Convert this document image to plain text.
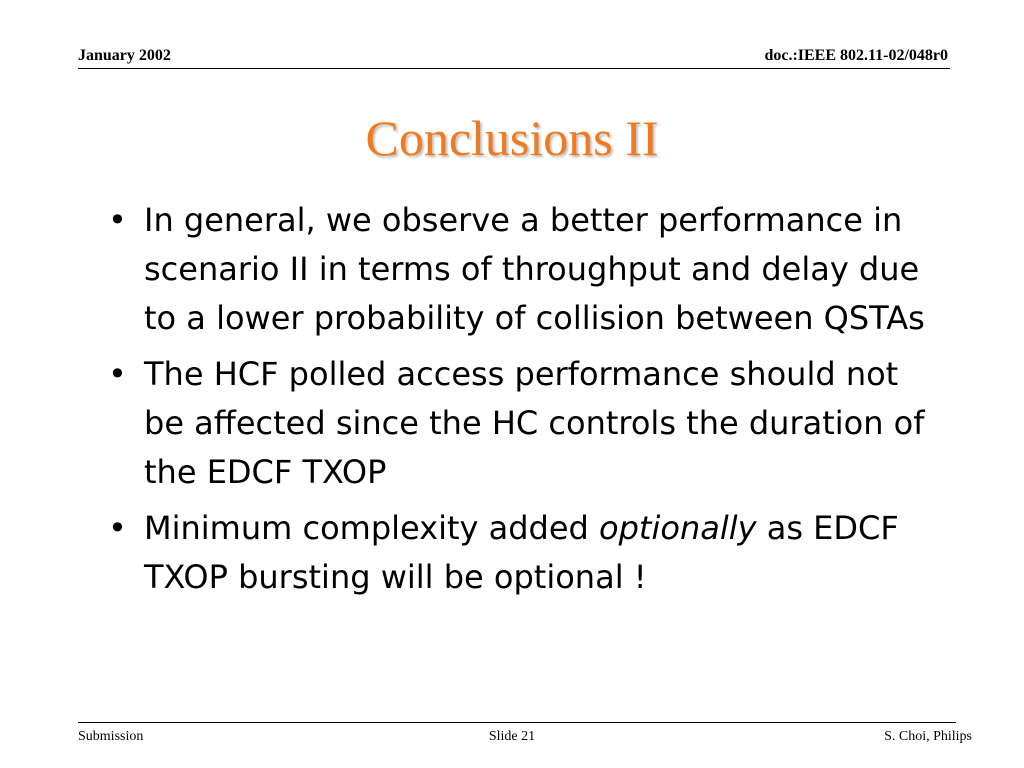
January 2002	doc.:IEEE 802.11-02/048r0
Conclusions II
• In general, we observe a better performance in scenario II in terms of throughput and delay due to a lower probability of collision between QSTAs
• The HCF polled access performance should not be affected since the HC controls the duration of the EDCF TXOP
• Minimum complexity added optionally as EDCF TXOP bursting will be optional !
Submission	Slide 21	S. Choi, Philips
